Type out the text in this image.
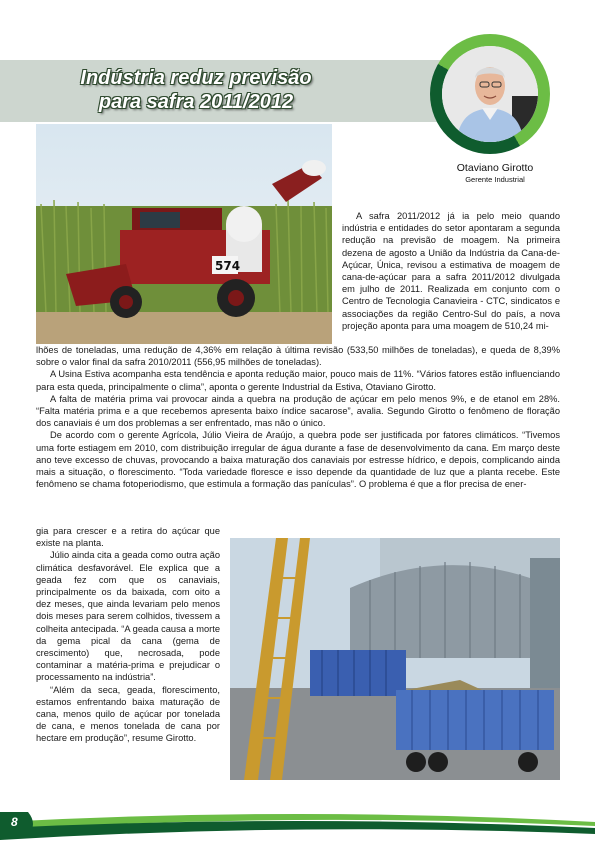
Indústria reduz previsão
para safra 2011/2012
Otaviano Girotto
Gerente Industrial
574

A safra 2011/2012 já ia pelo meio quando indústria e entidades do setor apontaram a segunda redução na previsão de moagem. Na primeira dezena de agosto a União da Indústria da Cana-de-Açúcar, Única, revisou a estimativa de moagem de cana-de-açúcar para a safra 2011/2012 divulgada em julho de 2011. Realizada em conjunto com o Centro de Tecnologia Canavieira - CTC, sindicatos e associações da região Centro-Sul do país, a nova projeção aponta para uma moagem de 510,24 mi-

lhões de toneladas, uma redução de 4,36% em relação à última revisão (533,50 milhões de toneladas), e queda de 8,39% sobre o valor final da safra 2010/2011 (556,95 milhões de toneladas).

A Usina Estiva acompanha esta tendência e aponta redução maior, pouco mais de 11%. “Vários fatores estão influenciando para esta queda, principalmente o clima”, aponta o gerente Industrial da Estiva, Otaviano Girotto.

A falta de matéria prima vai provocar ainda a quebra na produção de açúcar em pelo menos 9%, e de etanol em 28%. “Falta matéria prima e a que recebemos apresenta baixo índice sacarose”, avalia. Segundo Girotto o fenômeno de floração dos canaviais é um dos problemas a ser enfrentado, mas não o único.

De acordo com o gerente Agrícola, Júlio Vieira de Araújo, a quebra pode ser justificada por fatores climáticos. “Tivemos uma forte estiagem em 2010, com distribuição irregular de água durante a fase de desenvolvimento da cana. Em março deste ano teve excesso de chuvas, provocando a baixa maturação dos canaviais por estresse hídrico, e depois, complicando ainda mais a situação, o florescimento. “Toda variedade floresce e isso depende da quantidade de luz que a planta recebe. Este fenômeno se chama fotoperiodismo, que estimula a formação das panículas”. O problema é que a flor precisa de ener-

gia para crescer e a retira do açúcar que existe na planta.

Júlio ainda cita a geada como outra ação climática desfavorável. Ele explica que a geada fez com que os canaviais, principalmente os da baixada, com oito a dez meses, que ainda levariam pelo menos dois meses para serem colhidos, tivessem a colheita antecipada. “A geada causa a morte da gema pical da cana (gema de crescimento) que, necrosada, pode contaminar a matéria-prima e prejudicar o processamento na indústria”.

“Além da seca, geada, florescimento, estamos enfrentando baixa maturação de cana, menos quilo de açúcar por tonelada de cana, e menos tonelada de cana por hectare em produção”, resume Girotto.

8
